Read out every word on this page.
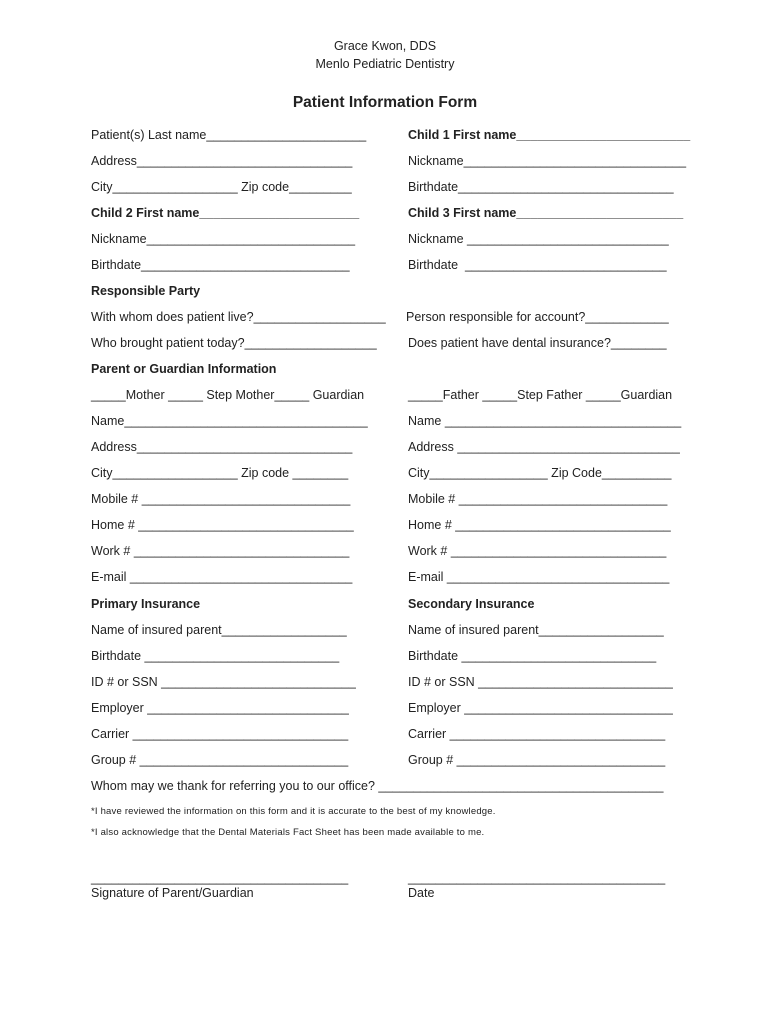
Grace Kwon, DDS
Menlo Pediatric Dentistry
Patient Information Form
Patient(s) Last name_______________________	Child 1 First name_________________________
Address_______________________________	Nickname________________________________
City__________________ Zip code_________	Birthdate_______________________________
Child 2 First name_______________________	Child 3 First name________________________
Nickname______________________________	Nickname _____________________________
Birthdate______________________________	Birthdate  _____________________________
Responsible Party
With whom does patient live?___________________ Person responsible for account?____________
Who brought patient today?___________________	Does patient have dental insurance?________
Parent or Guardian Information
_____Mother _____ Step Mother_____ Guardian	_____Father _____Step Father _____Guardian
Name___________________________________	Name __________________________________
Address_______________________________	Address ________________________________
City__________________ Zip code ________	City_________________ Zip Code__________
Mobile # ______________________________	Mobile # ______________________________
Home # _______________________________	Home # _______________________________
Work # _______________________________	Work # _______________________________
E-mail ________________________________	E-mail ________________________________
Primary Insurance	Secondary Insurance
Name of insured parent__________________	Name of insured parent__________________
Birthdate ____________________________	Birthdate ____________________________
ID # or SSN ____________________________	ID # or SSN ____________________________
Employer _____________________________	Employer ______________________________
Carrier _______________________________	Carrier _______________________________
Group # ______________________________	Group # ______________________________
Whom may we thank for referring you to our office? _________________________________________
*I have reviewed the information on this form and it is accurate to the best of my knowledge.
*I also acknowledge that the Dental Materials Fact Sheet has been made available to me.
_____________________________________	_____________________________________
Signature of Parent/Guardian	Date
